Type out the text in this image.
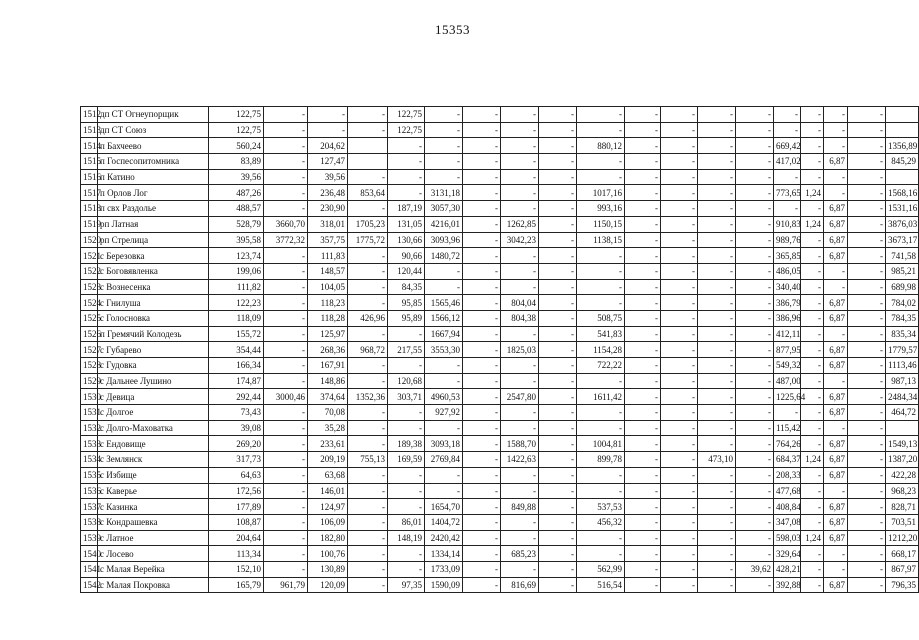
15353
1512	дп СТ Огнеупорщик	122,75	-	-	-	122,75	-	-	-	-	-	-	-	-	-	-	-	-	-	
1513	дп СТ Союз	122,75	-	-	-	122,75	-	-	-	-	-	-	-	-	-	-	-	-	-	
1514	п Бахчеево	560,24	-	204,62		-	-	-	-	-	880,12	-	-	-	-	669,42	-	-	-	1356,89
1515	п Госпесопитомника	83,89	-	127,47		-	-	-	-	-	-	-	-	-	-	417,02	-	6,87	-	845,29
1516	п Катино	39,56	-	39,56	-	-	-	-	-	-	-	-	-	-	-	-	-	-	-	
1517	п Орлов Лог	487,26	-	236,48	853,64	-	3131,18	-	-	-	1017,16	-	-	-	-	773,65	1,24	-	-	1568,16
1518	п свх Раздолье	488,57	-	230,90	-	187,19	3057,30	-	-	-	993,16	-	-	-	-	-	-	6,87	-	1531,16
1519	рп Латная	528,79	3660,70	318,01	1705,23	131,05	4216,01	-	1262,85	-	1150,15	-	-	-	-	910,83	1,24	6,87	-	3876,03
1520	рп Стрелица	395,58	3772,32	357,75	1775,72	130,66	3093,96	-	3042,23	-	1138,15	-	-	-	-	989,76	-	6,87	-	3673,17
1521	с Березовка	123,74	-	111,83	-	90,66	1480,72	-	-	-	-	-	-	-	-	365,85	-	6,87	-	741,58
1522	с Боговявленка	199,06	-	148,57	-	120,44	-	-	-	-	-	-	-	-	-	486,05	-	-	-	985,21
1523	с Вознесенка	111,82	-	104,05	-	84,35	-	-	-	-	-	-	-	-	-	340,40	-	-	-	689,98
1524	с Гнилуша	122,23	-	118,23	-	95,85	1565,46	-	804,04	-	-	-	-	-	-	386,79	-	6,87	-	784,02
1525	с Голосновка	118,09	-	118,28	426,96	95,89	1566,12	-	804,38	-	508,75	-	-	-	-	386,96	-	6,87	-	784,35
1526	п Гремячий Колодезь	155,72	-	125,97	-	-	1667,94	-	-	-	541,83	-	-	-	-	412,11	-	-	-	835,34
1527	с Губарево	354,44	-	268,36	968,72	217,55	3553,30	-	1825,03	-	1154,28	-	-	-	-	877,95	-	6,87	-	1779,57
1528	с Гудовка	166,34	-	167,91	-	-	-	-	-	-	722,22	-	-	-	-	549,32	-	6,87	-	1113,46
1529	с Дальнее Лушино	174,87	-	148,86	-	120,68	-	-	-	-	-	-	-	-	-	487,00	-	-	-	987,13
1530	с Девица	292,44	3000,46	374,64	1352,36	303,71	4960,53	-	2547,80	-	1611,42	-	-	-	-	1225,64	-	6,87	-	2484,34
1531	с Долгое	73,43	-	70,08	-	-	927,92	-	-	-	-	-	-	-	-	-	-	6,87	-	464,72
1532	с Долго-Маховатка	39,08	-	35,28	-	-	-	-	-	-	-	-	-	-	-	115,42	-	-	-	
1533	с Ендовище	269,20	-	233,61	-	189,38	3093,18	-	1588,70	-	1004,81	-	-	-	-	764,26	-	6,87	-	1549,13
1534	с Землянск	317,73	-	209,19	755,13	169,59	2769,84	-	1422,63	-	899,78	-	-	473,10	-	684,37	1,24	6,87	-	1387,20
1535	с Избище	64,63	-	63,68	-	-	-	-	-	-	-	-	-	-	-	208,33	-	6,87	-	422,28
1536	с Каверье	172,56	-	146,01	-	-	-	-	-	-	-	-	-	-	-	477,68	-	-	-	968,23
1537	с Казинка	177,89	-	124,97	-	-	1654,70	-	849,88	-	537,53	-	-	-	-	408,84	-	6,87	-	828,71
1538	с Кондрашевка	108,87	-	106,09	-	86,01	1404,72	-	-	-	456,32	-	-	-	-	347,08	-	6,87	-	703,51
1539	с Латное	204,64	-	182,80	-	148,19	2420,42	-	-	-	-	-	-	-	-	598,03	1,24	6,87	-	1212,20
1540	с Лосево	113,34	-	100,76	-	-	1334,14	-	685,23	-	-	-	-	-	-	329,64	-	-	-	668,17
1541	с Малая Верейка	152,10	-	130,89	-	-	1733,09	-	-	-	562,99	-	-	-	39,62	428,21	-	-	-	867,97
1542	с Малая Покровка	165,79	961,79	120,09	-	97,35	1590,09	-	816,69	-	516,54	-	-	-	-	392,88	-	6,87	-	796,35
